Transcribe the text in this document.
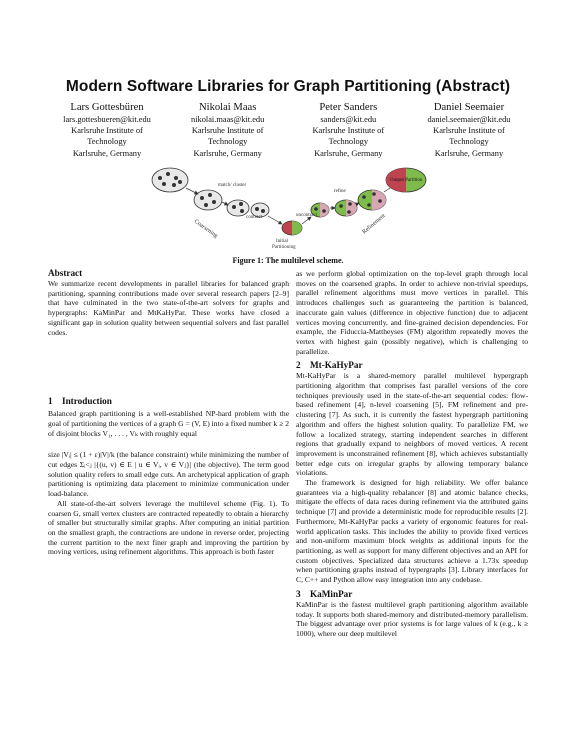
Modern Software Libraries for Graph Partitioning (Abstract)
Lars Gottesbüren
lars.gottesbueren@kit.edu
Karlsruhe Institute of
Technology
Karlsruhe, Germany
Nikolai Maas
nikolai.maas@kit.edu
Karlsruhe Institute of
Technology
Karlsruhe, Germany
Peter Sanders
sanders@kit.edu
Karlsruhe Institute of
Technology
Karlsruhe, Germany
Daniel Seemaier
daniel.seemaier@kit.edu
Karlsruhe Institute of
Technology
Karlsruhe, Germany
match/ cluster
contract
Coarsening
Initial
Partitioning
uncontract
refine
Refinement
Output Partition
Figure 1: The multilevel scheme.

Abstract

We summarize recent developments in parallel libraries for balanced graph partitioning, spanning contributions made over several research papers [2–9] that have culminated in the two state-of-the-art solvers for graphs and hypergraphs: KaMinPar and MtKaHyPar. These works have closed a significant gap in solution quality between sequential solvers and fast parallel codes.

1 Introduction

Balanced graph partitioning is a well-established NP-hard problem with the goal of partitioning the vertices of a graph G = (V, E) into a fixed number k ≥ 2 of disjoint blocks V₁, . . . , Vₖ with roughly equal

size |Vᵢ| ≤ (1 + ε)|V|/k (the balance constraint) while minimizing the number of cut edges Σᵢ<ⱼ |{(u, v) ∈ E | u ∈ Vᵢ, v ∈ Vⱼ}| (the objective). The term good solution quality refers to small edge cuts. An archetypical application of graph partitioning is optimizing data placement to minimize communication under load-balance.

All state-of-the-art solvers leverage the multilevel scheme (Fig. 1). To coarsen G, small vertex clusters are contracted repeatedly to obtain a hierarchy of smaller but structurally similar graphs. After computing an initial partition on the smallest graph, the contractions are undone in reverse order, projecting the current partition to the next finer graph and improving the partition by moving vertices, using refinement algorithms. This approach is both faster

as we perform global optimization on the top-level graph through local moves on the coarsened graphs. In order to achieve non-trivial speedups, parallel refinement algorithms must move vertices in parallel. This introduces challenges such as guaranteeing the partition is balanced, inaccurate gain values (difference in objective function) due to adjacent vertices moving concurrently, and fine-grained decision dependencies. For example, the Fiduccia-Mattheyses (FM) algorithm repeatedly moves the vertex with highest gain (possibly negative), which is challenging to parallelize.

2 Mt-KaHyPar

Mt-KaHyPar is a shared-memory parallel multilevel hypergraph partitioning algorithm that comprises fast parallel versions of the core techniques previously used in the state-of-the-art sequential codes: flow-based refinement [4], n-level coarsening [5], FM refinement and pre-clustering [7]. As such, it is currently the fastest hypergraph partitioning algorithm and offers the highest solution quality. To parallelize FM, we follow a localized strategy, starting independent searches in different regions that gradually expand to neighbors of moved vertices. A recent improvement is unconstrained refinement [8], which achieves substantially better edge cuts on irregular graphs by allowing temporary balance violations.

The framework is designed for high reliability. We offer balance guarantees via a high-quality rebalancer [8] and atomic balance checks, mitigate the effects of data races during refinement via the attributed gains technique [7] and provide a deterministic mode for reproducible results [2]. Furthermore, Mt-KaHyPar packs a variety of ergonomic features for real-world application tasks. This includes the ability to provide fixed vertices and non-uniform maximum block weights as additional inputs for the partitioning, as well as support for many different objectives and an API for custom objectives. Specialized data structures achieve a 1.73x speedup when partitioning graphs instead of hypergraphs [3]. Library interfaces for C, C++ and Python allow easy integration into any codebase.

3 KaMinPar

KaMinPar is the fastest multilevel graph partitioning algorithm available today. It supports both shared-memory and distributed-memory parallelism. The biggest advantage over prior systems is for large values of k (e.g., k ≥ 1000), where our deep multilevel
